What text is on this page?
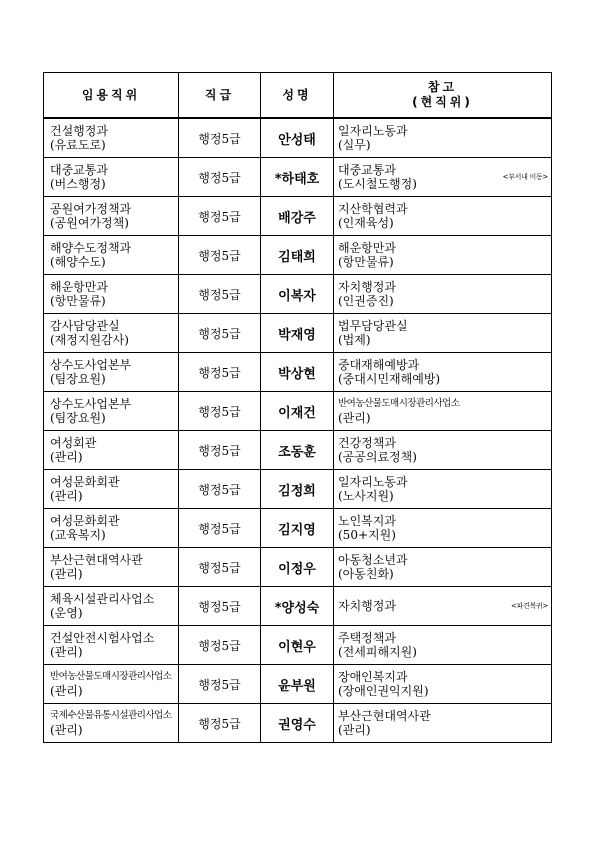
임용직위	직급	성명	참고
(현직위)

건설행정과
(유료도로)	행정5급	안성태	일자리노동과
(실무)

대중교통과
(버스행정)	행정5급	*하태호	대중교통과
(도시철도행정) <부서내 이동>

공원여가정책과
(공원여가정책)	행정5급	배강주	지산학협력과
(인재육성)

해양수도정책과
(해양수도)	행정5급	김태희	해운항만과
(항만물류)

해운항만과
(항만물류)	행정5급	이복자	자치행정과
(인권증진)

감사담당관실
(재정지원감사)	행정5급	박재영	법무담당관실
(법제)

상수도사업본부
(팀장요원)	행정5급	박상현	중대재해예방과
(중대시민재해예방)

상수도사업본부
(팀장요원)	행정5급	이재건	반여농산물도매시장관리사업소
(관리)

여성회관
(관리)	행정5급	조동훈	건강정책과
(공공의료정책)

여성문화회관
(관리)	행정5급	김정희	일자리노동과
(노사지원)

여성문화회관
(교육복지)	행정5급	김지영	노인복지과
(50+지원)

부산근현대역사관
(관리)	행정5급	이정우	아동청소년과
(아동친화)

체육시설관리사업소
(운영)	행정5급	*양성숙	자치행정과 <파견복귀>

건설안전시험사업소
(관리)	행정5급	이현우	주택정책과
(전세피해지원)

반여농산물도매시장관리사업소
(관리)	행정5급	윤부원	장애인복지과
(장애인권익지원)

국제수산물유통시설관리사업소
(관리)	행정5급	권영수	부산근현대역사관
(관리)
